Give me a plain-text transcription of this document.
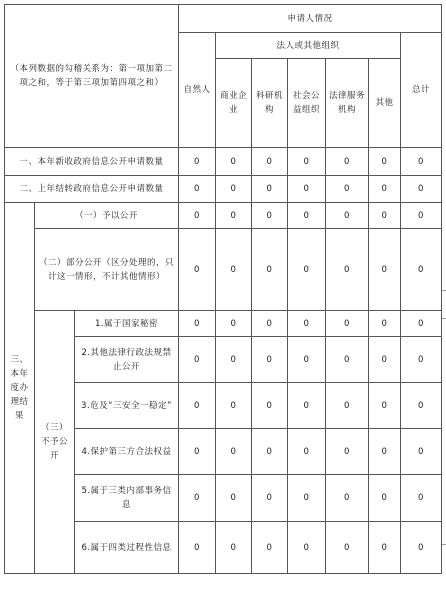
（本列数据的勾稽关系为：第一项加第二项之和，等于第三项加第四项之和）			申请人情况						
			自然人	法人或其他组织					总计
				商业企业	科研机构	社会公益组织	法律服务机构	其他	
一、本年新收政府信息公开申请数量			0	0	0	0	0	0	0
二、上年结转政府信息公开申请数量			0	0	0	0	0	0	0
三、本年度办理结果	（一）予以公开		0	0	0	0	0	0	0
	（二）部分公开（区分处理的，只计这一情形，不计其他情形）		0	0	0	0	0	0	0
	（三）不予公开	1.属于国家秘密	0	0	0	0	0	0	0
		2.其他法律行政法规禁止公开	0	0	0	0	0	0	0
		3.危及“三安全一稳定”	0	0	0	0	0	0	0
		4.保护第三方合法权益	0	0	0	0	0	0	0
		5.属于三类内部事务信息	0	0	0	0	0	0	0
		6.属于四类过程性信息	0	0	0	0	0	0	0
